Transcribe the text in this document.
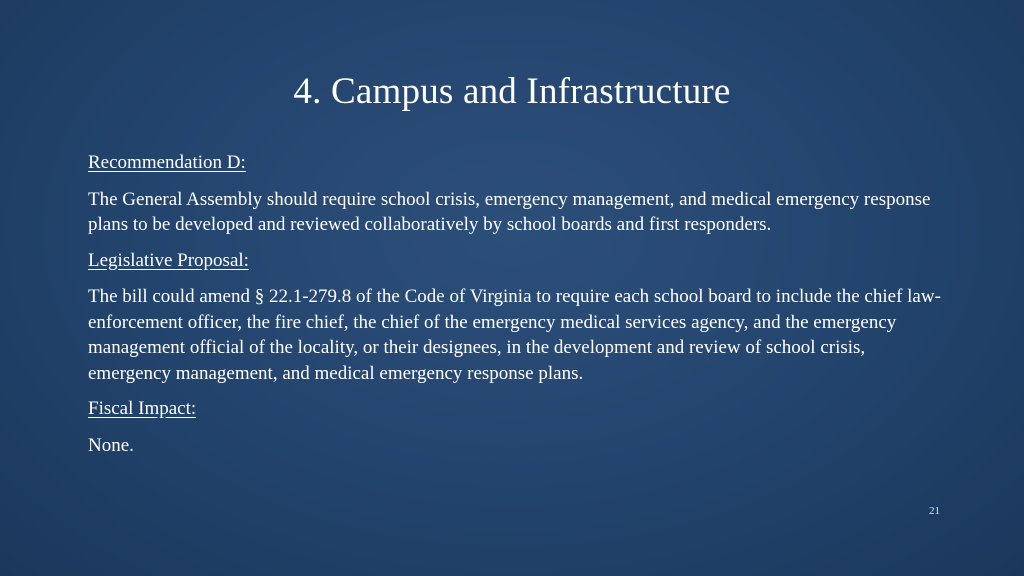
4. Campus and Infrastructure

Recommendation D:

The General Assembly should require school crisis, emergency management, and medical emergency response plans to be developed and reviewed collaboratively by school boards and first responders.

Legislative Proposal:

The bill could amend § 22.1-279.8 of the Code of Virginia to require each school board to include the chief law-enforcement officer, the fire chief, the chief of the emergency medical services agency, and the emergency management official of the locality, or their designees, in the development and review of school crisis, emergency management, and medical emergency response plans.

Fiscal Impact:

None.

21
